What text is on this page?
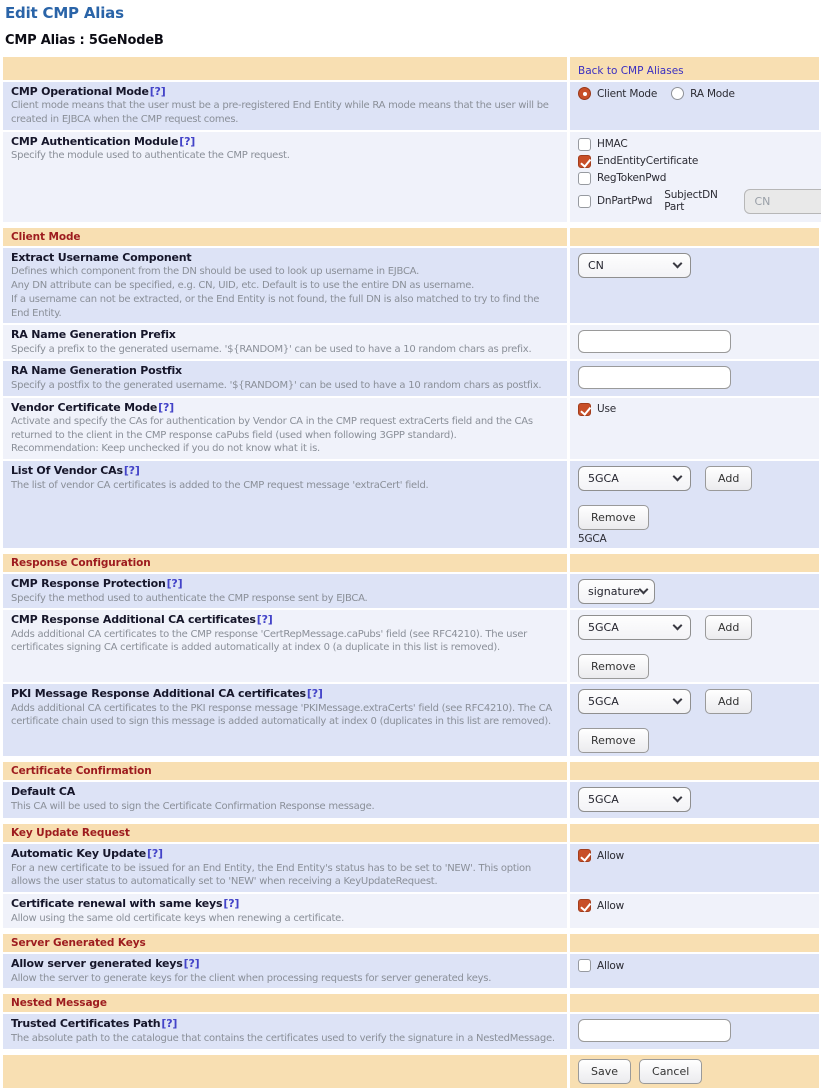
Edit CMP Alias
CMP Alias : 5GeNodeB
Back to CMP Aliases
CMP Operational Mode[?]
Client mode means that the user must be a pre-registered End Entity while RA mode means that the user will be created in EJBCA when the CMP request comes.
Client Mode	RA Mode
CMP Authentication Module[?]
Specify the module used to authenticate the CMP request.
HMAC
EndEntityCertificate
RegTokenPwd
DnPartPwd SubjectDN Part	CN
Client Mode
Extract Username Component
Defines which component from the DN should be used to look up username in EJBCA.
Any DN attribute can be specified, e.g. CN, UID, etc. Default is to use the entire DN as username.
If a username can not be extracted, or the End Entity is not found, the full DN is also matched to try to find the End Entity.
CN
RA Name Generation Prefix
Specify a prefix to the generated username. '${RANDOM}' can be used to have a 10 random chars as prefix.
RA Name Generation Postfix
Specify a postfix to the generated username. '${RANDOM}' can be used to have a 10 random chars as postfix.
Vendor Certificate Mode[?]
Activate and specify the CAs for authentication by Vendor CA in the CMP request extraCerts field and the CAs returned to the client in the CMP response caPubs field (used when following 3GPP standard).
Recommendation: Keep unchecked if you do not know what it is.
Use
List Of Vendor CAs[?]
The list of vendor CA certificates is added to the CMP request message 'extraCert' field.	5GCA	Add
Remove
5GCA
Response Configuration
CMP Response Protection[?]
Specify the method used to authenticate the CMP response sent by EJBCA.	signature
CMP Response Additional CA certificates[?]
Adds additional CA certificates to the CMP response 'CertRepMessage.caPubs' field (see RFC4210). The user certificates signing CA certificate is added automatically at index 0 (a duplicate in this list is removed).
5GCA	Add
Remove
PKI Message Response Additional CA certificates[?]
Adds additional CA certificates to the PKI response message 'PKIMessage.extraCerts' field (see RFC4210). The CA certificate chain used to sign this message is added automatically at index 0 (duplicates in this list are removed).
5GCA	Add
Remove
Certificate Confirmation
Default CA
This CA will be used to sign the Certificate Confirmation Response message.	5GCA
Key Update Request
Automatic Key Update[?]
For a new certificate to be issued for an End Entity, the End Entity's status has to be set to 'NEW'. This option allows the user status to automatically set to 'NEW' when receiving a KeyUpdateRequest.
Allow
Certificate renewal with same keys[?]
Allow using the same old certificate keys when renewing a certificate.
Allow
Server Generated Keys
Allow server generated keys[?]
Allow the server to generate keys for the client when processing requests for server generated keys.
Allow
Nested Message
Trusted Certificates Path[?]
The absolute path to the catalogue that contains the certificates used to verify the signature in a NestedMessage.
Save	Cancel
